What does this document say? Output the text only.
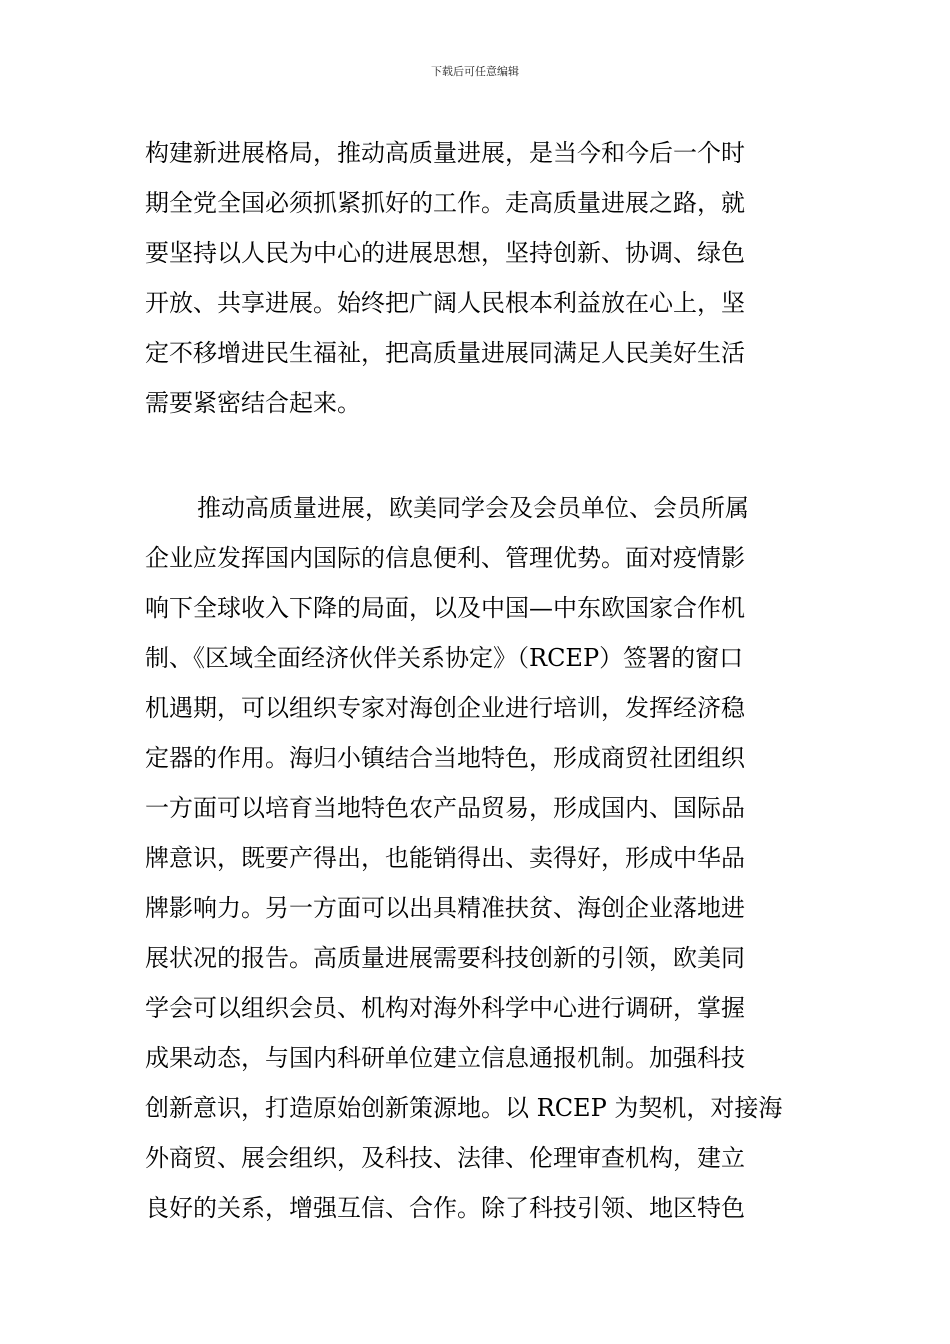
下载后可任意编辑
构建新进展格局，推动高质量进展，是当今和今后一个时
期全党全国必须抓紧抓好的工作。走高质量进展之路，就
要坚持以人民为中心的进展思想，坚持创新、协调、绿色
开放、共享进展。始终把广阔人民根本利益放在心上，坚
定不移增进民生福祉，把高质量进展同满足人民美好生活
需要紧密结合起来。
推动高质量进展，欧美同学会及会员单位、会员所属
企业应发挥国内国际的信息便利、管理优势。面对疫情影
响下全球收入下降的局面，以及中国—中东欧国家合作机
制、《区域全面经济伙伴关系协定》（RCEP）签署的窗口
机遇期，可以组织专家对海创企业进行培训，发挥经济稳
定器的作用。海归小镇结合当地特色，形成商贸社团组织
一方面可以培育当地特色农产品贸易，形成国内、国际品
牌意识，既要产得出，也能销得出、卖得好，形成中华品
牌影响力。另一方面可以出具精准扶贫、海创企业落地进
展状况的报告。高质量进展需要科技创新的引领，欧美同
学会可以组织会员、机构对海外科学中心进行调研，掌握
成果动态，与国内科研单位建立信息通报机制。加强科技
创新意识，打造原始创新策源地。以 RCEP 为契机，对接海
外商贸、展会组织，及科技、法律、伦理审查机构，建立
良好的关系，增强互信、合作。除了科技引领、地区特色
